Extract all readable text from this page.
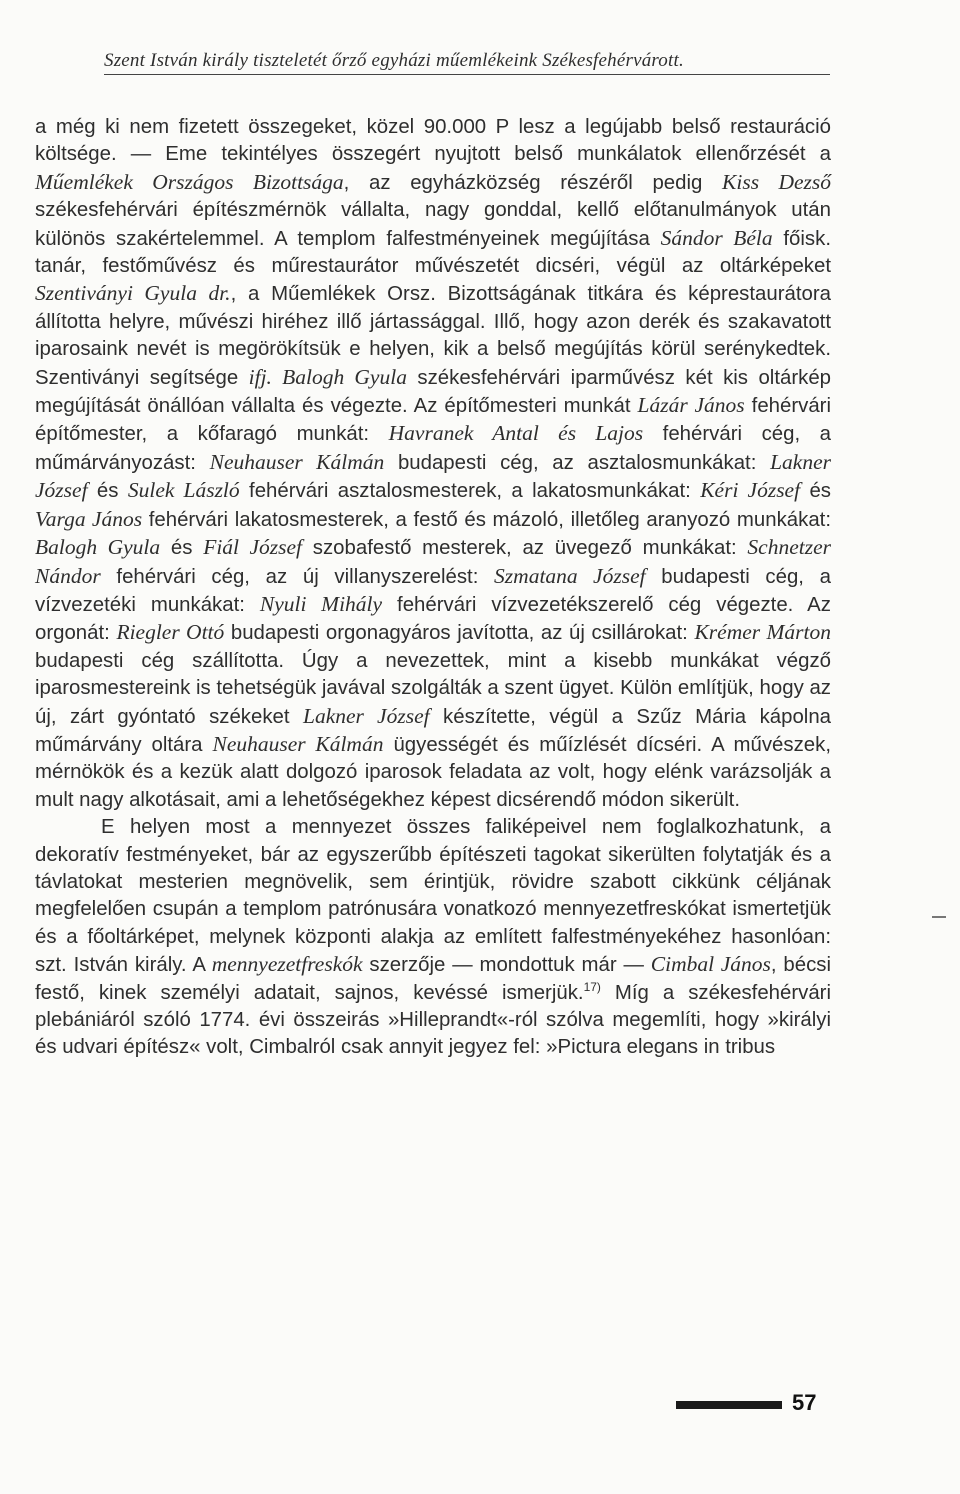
Szent István király tiszteletét őrző egyházi műemlékeink Székesfehérvárott.

a még ki nem fizetett összegeket, közel 90.000 P lesz a legújabb belső restauráció költsége. — Eme tekintélyes összegért nyujtott belső munkálatok ellenőrzését a Műemlékek Országos Bizottsága, az egyházközség részéről pedig Kiss Dezső székesfehérvári építészmérnök vállalta, nagy gonddal, kellő előtanulmányok után különös szakértelemmel. A templom falfestményeinek megújítása Sándor Béla főisk. tanár, festőművész és műrestaurátor művészetét dicséri, végül az oltárképeket Szentiványi Gyula dr., a Műemlékek Orsz. Bizottságának titkára és képrestaurátora állította helyre, művészi hiréhez illő jártassággal. Illő, hogy azon derék és szakavatott iparosaink nevét is megörökítsük e helyen, kik a belső megújítás körül serénykedtek. Szentiványi segítsége ifj. Balogh Gyula székesfehérvári iparművész két kis oltárkép megújítását önállóan vállalta és végezte. Az építőmesteri munkát Lázár János fehérvári építőmester, a kőfaragó munkát: Havranek Antal és Lajos fehérvári cég, a műmárványozást: Neuhauser Kálmán budapesti cég, az asztalosmunkákat: Lakner József és Sulek László fehérvári asztalosmesterek, a lakatosmunkákat: Kéri József és Varga János fehérvári lakatosmesterek, a festő és mázoló, illetőleg aranyozó munkákat: Balogh Gyula és Fiál József szobafestő mesterek, az üvegező munkákat: Schnetzer Nándor fehérvári cég, az új villanyszerelést: Szmatana József budapesti cég, a vízvezetéki munkákat: Nyuli Mihály fehérvári vízvezetékszerelő cég végezte. Az orgonát: Riegler Ottó budapesti orgonagyáros javította, az új csillárokat: Krémer Márton budapesti cég szállította. Úgy a nevezettek, mint a kisebb munkákat végző iparosmestereink is tehetségük javával szolgálták a szent ügyet. Külön említjük, hogy az új, zárt gyóntató székeket Lakner József készítette, végül a Szűz Mária kápolna műmárvány oltára Neuhauser Kálmán ügyességét és műízlését dícséri. A művészek, mérnökök és a kezük alatt dolgozó iparosok feladata az volt, hogy elénk varázsolják a mult nagy alkotásait, ami a lehetőségekhez képest dicsérendő módon sikerült.

E helyen most a mennyezet összes faliképeivel nem foglalkozhatunk, a dekoratív festményeket, bár az egyszerűbb építészeti tagokat sikerülten folytatják és a távlatokat mesterien megnövelik, sem érintjük, rövidre szabott cikkünk céljának megfelelően csupán a templom patrónusára vonatkozó mennyezetfreskókat ismertetjük és a főoltárképet, melynek központi alakja az említett falfestményekéhez hasonlóan: szt. István király. A mennyezetfreskók szerzője — mondottuk már — Cimbal János, bécsi festő, kinek személyi adatait, sajnos, kevéssé ismerjük.$^{17)}$ Míg a székesfehérvári plebániáról szóló 1774. évi összeirás »Hilleprandt«-ról szólva megemlíti, hogy »királyi és udvari építész« volt, Cimbalról csak annyit jegyez fel: »Pictura elegans in tribus

57
